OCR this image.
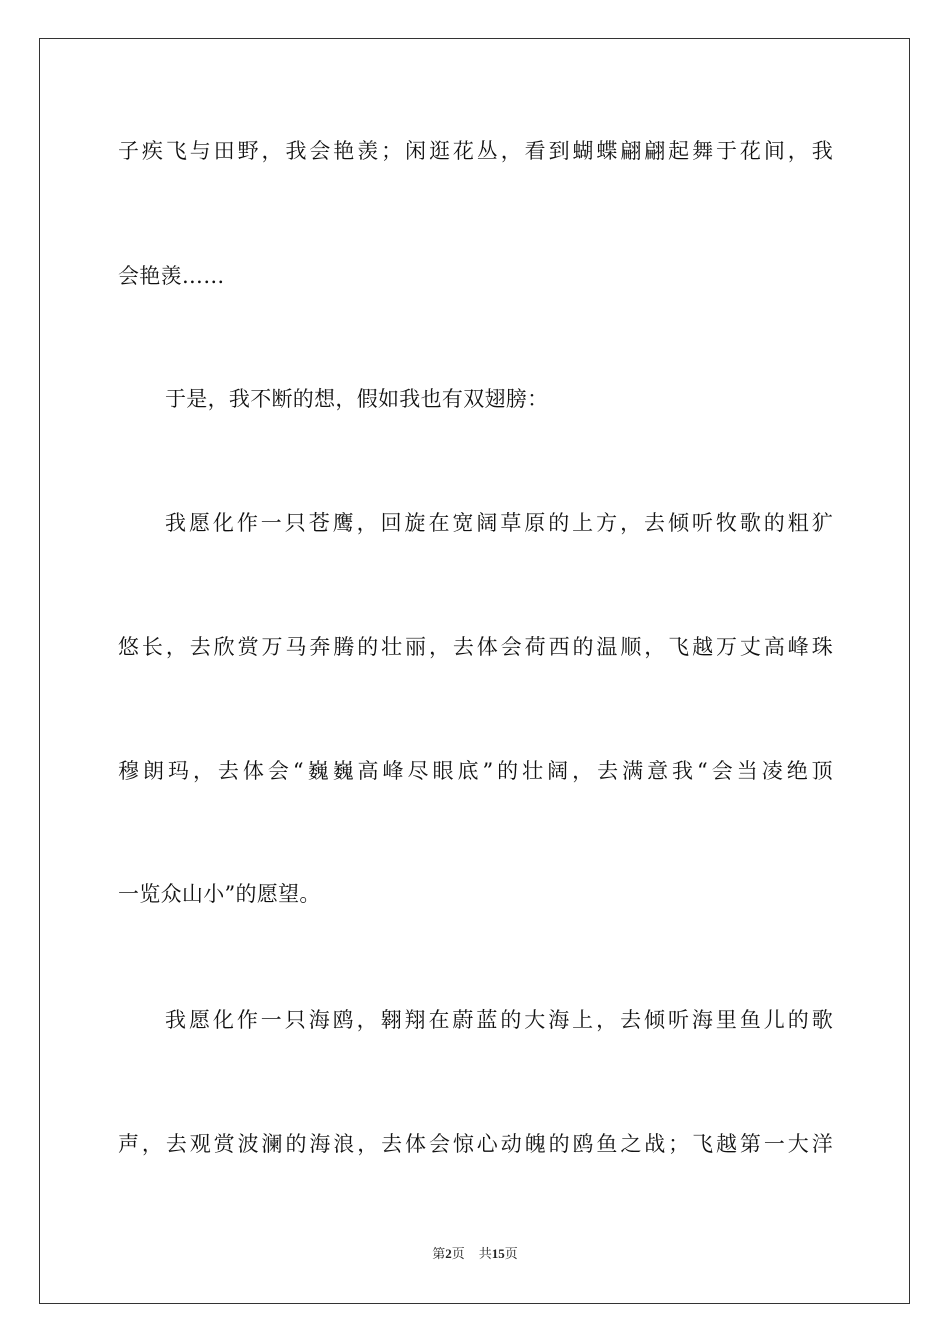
子疾飞与田野，我会艳羡；闲逛花丛，看到蝴蝶翩翩起舞于花间，我
会艳羡……
于是，我不断的想，假如我也有双翅膀：
我愿化作一只苍鹰，回旋在宽阔草原的上方，去倾听牧歌的粗犷
悠长，去欣赏万马奔腾的壮丽，去体会荷西的温顺，飞越万丈高峰珠
穆朗玛，去体会“巍巍高峰尽眼底”的壮阔，去满意我“会当凌绝顶
一览众山小”的愿望。
我愿化作一只海鸥，翱翔在蔚蓝的大海上，去倾听海里鱼儿的歌
声，去观赏波澜的海浪，去体会惊心动魄的鸥鱼之战；飞越第一大洋
第2页 共15页
